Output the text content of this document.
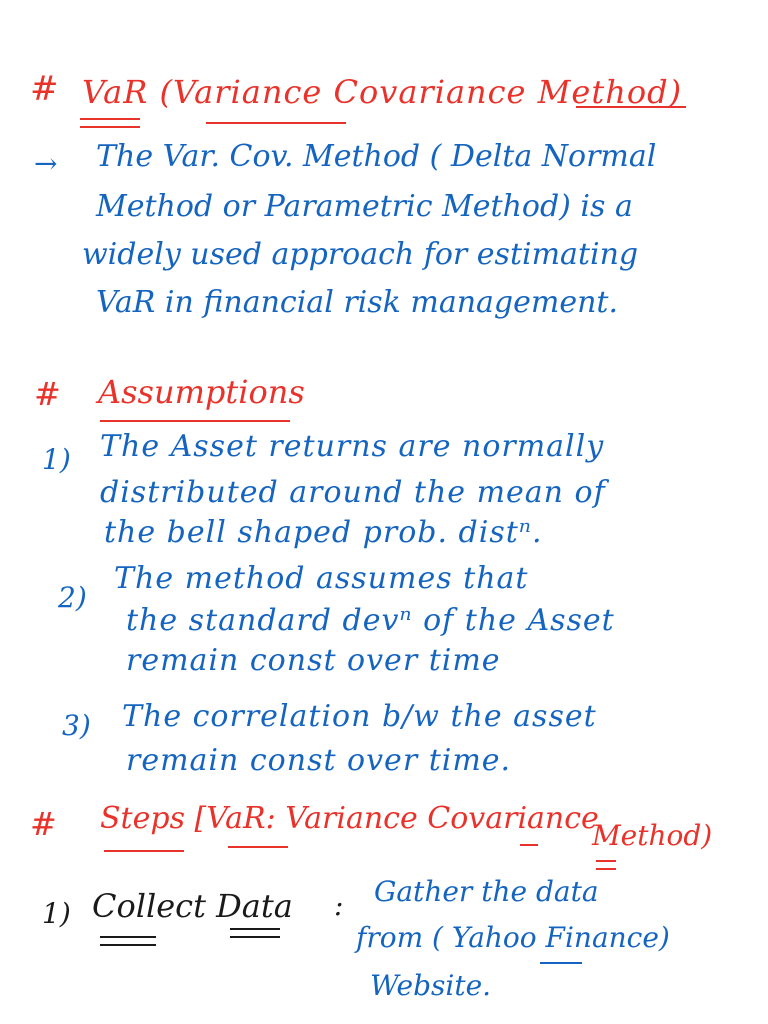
# VaR (Variance Covariance Method)
→ The Var. Cov. Method ( Delta Normal
Method or Parametric Method) is a
widely used approach for estimating
VaR in financial risk management.
# Assumptions
1) The Asset returns are normally
distributed around the mean of
the bell shaped prob. distⁿ.
2)
The method assumes that
the standard devⁿ of the Asset
remain const over time
3) The correlation b/w the asset
remain const over time.
# Steps [VaR: Variance Covariance
Method)
1) Collect Data : Gather the data
from ( Yahoo Finance)
Website.
